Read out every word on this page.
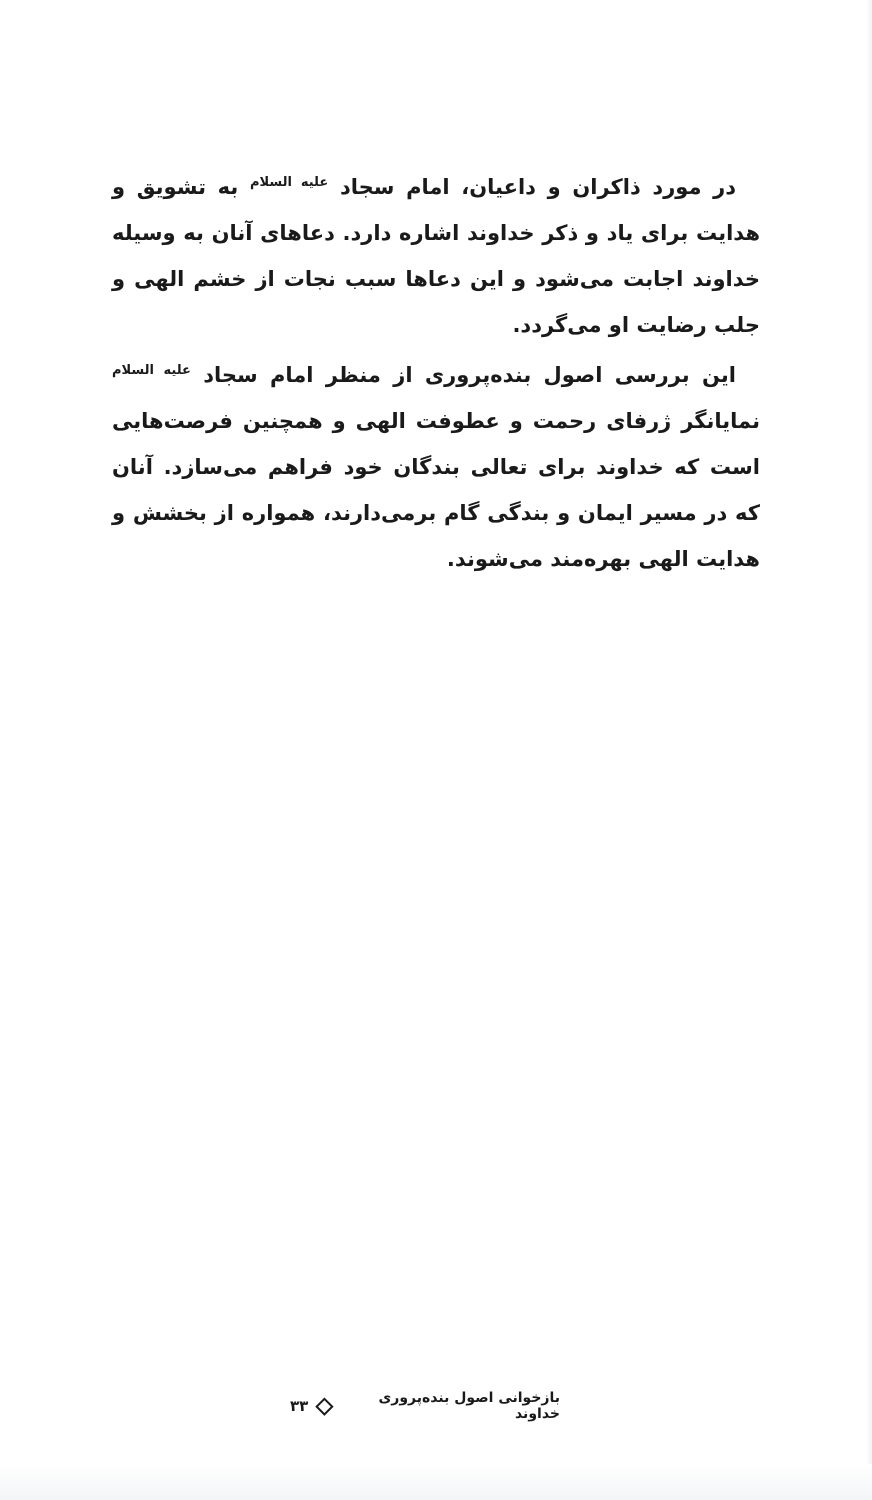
در مورد ذاکران و داعیان، امام سجاد $^{علیه السلام}$ به تشویق و هدایت برای یاد و ذکر خداوند اشاره دارد. دعاهای آنان به وسیله خداوند اجابت می‌شود و این دعاها سبب نجات از خشم الهی و جلب رضایت او می‌گردد.

این بررسی اصول بنده‌پروری از منظر امام سجاد $^{علیه السلام}$ نمایانگر ژرفای رحمت و عطوفت الهی و همچنین فرصت‌هایی است که خداوند برای تعالی بندگان خود فراهم می‌سازد. آنان که در مسیر ایمان و بندگی گام برمی‌دارند، همواره از بخشش و هدایت الهی بهره‌مند می‌شوند.

بازخوانی اصول بنده‌پروری خداوند
۳۳
